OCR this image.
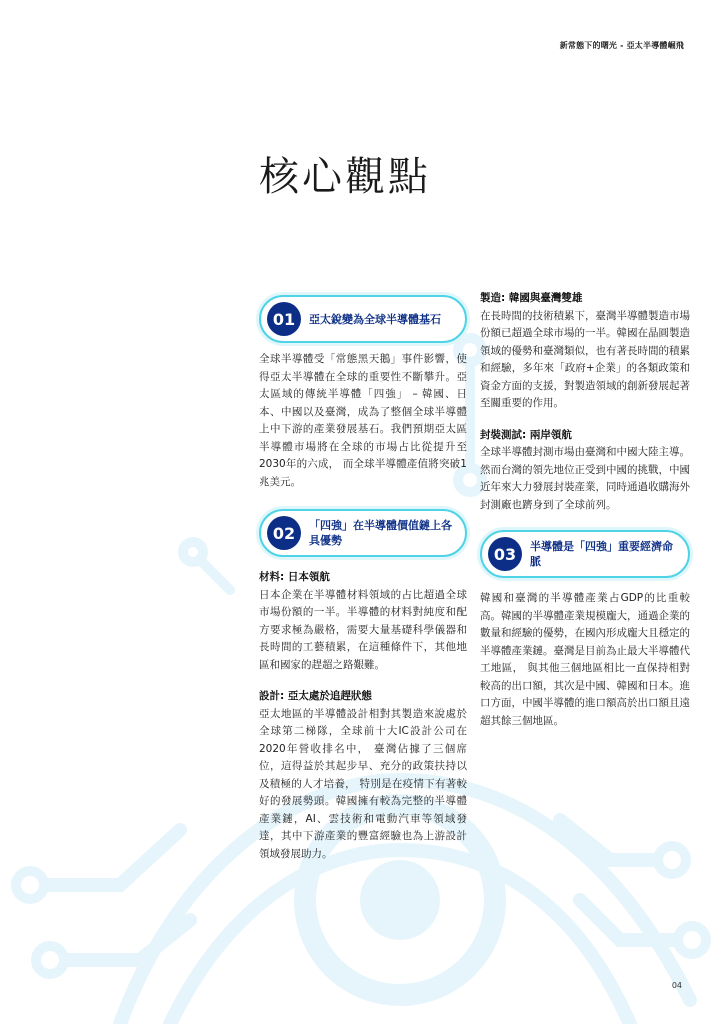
新常態下的曙光 - 亞太半導體崛飛
核心觀點
01	亞太銳變為全球半導體基石

全球半導體受「常態黑天鵝」事件影響，使得亞太半導體在全球的重要性不斷攀升。亞太區域的傳統半導體「四強」 – 韓國、日本、中國以及臺灣，成為了整個全球半導體上中下游的產業發展基石。我們預期亞太區半導體市場將在全球的市場占比從提升至2030年的六成， 而全球半導體產值將突破1兆美元。

02	「四強」在半導體價值鏈上各具優勢
材料: 日本領航

日本企業在半導體材料領域的占比超過全球市場份額的一半。半導體的材料對純度和配方要求極為嚴格，需要大量基礎科學儀器和長時間的工藝積累，在這種條件下，其他地區和國家的趕超之路艱難。

設計: 亞太處於追趕狀態

亞太地區的半導體設計相對其製造來說處於全球第二梯隊，全球前十大IC設計公司在2020年營收排名中， 臺灣佔據了三個席位，這得益於其起步早、充分的政策扶持以及積極的人才培養， 特別是在疫情下有著較好的發展勢頭。韓國擁有較為完整的半導體產業鏈，AI、雲技術和電動汽車等領域發達，其中下游產業的豐富經驗也為上游設計領域發展助力。

製造: 韓國與臺灣雙雄

在長時間的技術積累下，臺灣半導體製造市場份額已超過全球市場的一半。韓國在晶圓製造領域的優勢和臺灣類似，也有著長時間的積累和經驗，多年來「政府+企業」的各類政策和資金方面的支援，對製造領域的創新發展起著至關重要的作用。

封裝測試: 兩岸領航

全球半導體封測市場由臺灣和中國大陸主導。然而台灣的領先地位正受到中國的挑戰，中國近年來大力發展封裝產業，同時通過收購海外封測廠也躋身到了全球前列。

03	半導體是「四強」重要經濟命脈

韓國和臺灣的半導體產業占GDP的比重較高。韓國的半導體產業規模龐大，通過企業的數量和經驗的優勢，在國內形成龐大且穩定的半導體產業鏈。臺灣是目前為止最大半導體代工地區， 與其他三個地區相比一直保持相對較高的出口額，其次是中國、韓國和日本。進口方面，中國半導體的進口額高於出口額且遠超其餘三個地區。

04
